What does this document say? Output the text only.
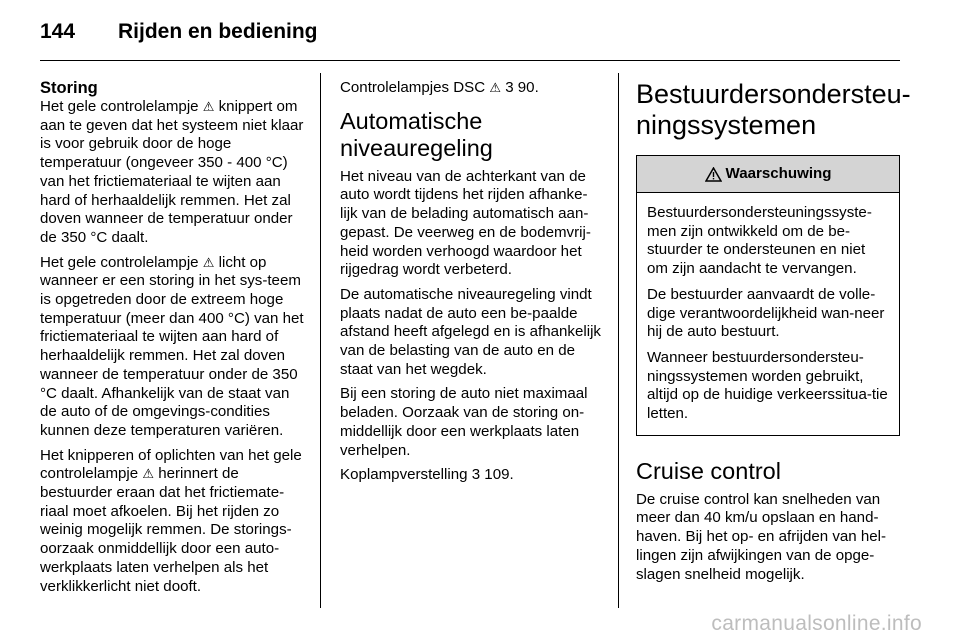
144 Rijden en bediening
Storing

Het gele controlelampje ⚠ knippert om aan te geven dat het systeem niet klaar is voor gebruik door de hoge temperatuur (ongeveer 350 - 400 °C) van het frictiemateriaal te wijten aan hard of herhaaldelijk remmen. Het zal doven wanneer de temperatuur onder de 350 °C daalt.

Het gele controlelampje ⚠ licht op wanneer er een storing in het sys-teem is opgetreden door de extreem hoge temperatuur (meer dan 400 °C) van het frictiemateriaal te wijten aan hard of herhaaldelijk remmen. Het zal doven wanneer de temperatuur onder de 350 °C daalt. Afhankelijk van de staat van de auto of de omgevings-condities kunnen deze temperaturen variëren.

Het knipperen of oplichten van het gele controlelampje ⚠ herinnert de bestuurder eraan dat het frictiemate-riaal moet afkoelen. Bij het rijden zo weinig mogelijk remmen. De storings-oorzaak onmiddellijk door een auto-werkplaats laten verhelpen als het verklikkerlicht niet dooft.

Controlelampjes DSC ⚠ 3 90.

Automatische niveauregeling

Het niveau van de achterkant van de auto wordt tijdens het rijden afhanke-lijk van de belading automatisch aan-gepast. De veerweg en de bodemvrij-heid worden verhoogd waardoor het rijgedrag wordt verbeterd.

De automatische niveauregeling vindt plaats nadat de auto een be-paalde afstand heeft afgelegd en is afhankelijk van de belasting van de auto en de staat van het wegdek.

Bij een storing de auto niet maximaal beladen. Oorzaak van de storing on-middellijk door een werkplaats laten verhelpen.

Koplampverstelling 3 109.

Bestuurdersondersteu-ningssystemen
Waarschuwing

Bestuurdersondersteuningssyste-men zijn ontwikkeld om de be-stuurder te ondersteunen en niet om zijn aandacht te vervangen.

De bestuurder aanvaardt de volle-dige verantwoordelijkheid wan-neer hij de auto bestuurt.

Wanneer bestuurdersondersteu-ningssystemen worden gebruikt, altijd op de huidige verkeerssitua-tie letten.

Cruise control

De cruise control kan snelheden van meer dan 40 km/u opslaan en hand-haven. Bij het op- en afrijden van hel-lingen zijn afwijkingen van de opge-slagen snelheid mogelijk.

carmanualsonline.info
